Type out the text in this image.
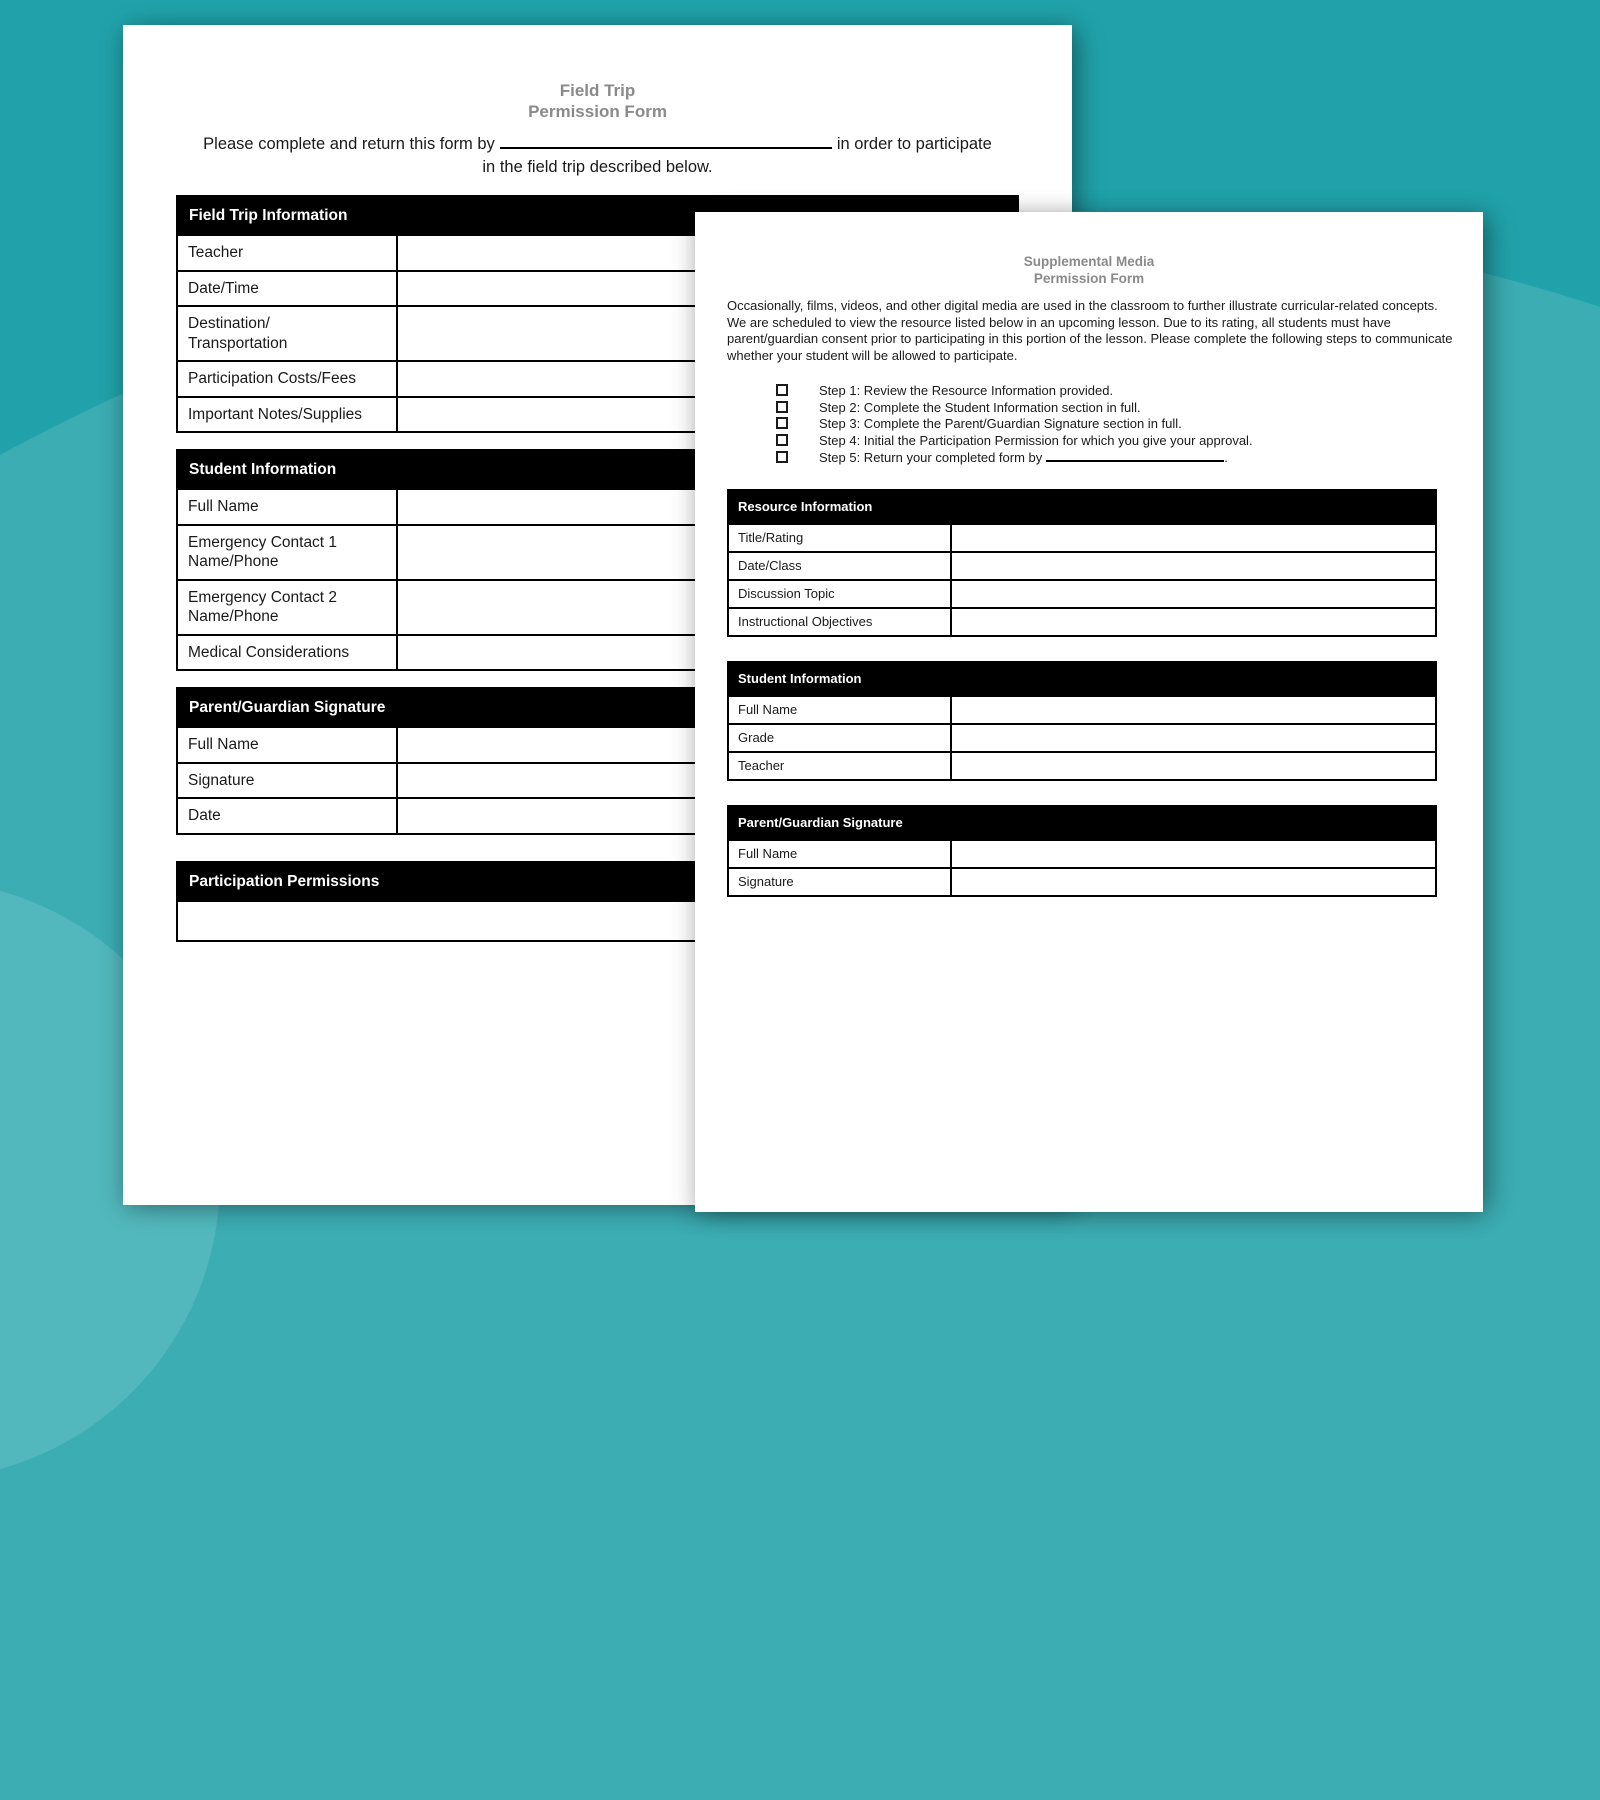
Field Trip
Permission Form
Please complete and return this form by	in order to participate
in the field trip described below.
Field Trip Information
Teacher
Date/Time
Destination/
Transportation
Participation Costs/Fees
Important Notes/Supplies
Student Information
Full Name
Emergency Contact 1
Name/Phone
Emergency Contact 2
Name/Phone
Medical Considerations
Parent/Guardian Signature
Full Name
Signature
Date
Participation Permissions
Supplemental Media
Permission Form
Occasionally, films, videos, and other digital media are used in the classroom to further illustrate curricular-related concepts. We are scheduled to view the resource listed below in an upcoming lesson. Due to its rating, all students must have parent/guardian consent prior to participating in this portion of the lesson. Please complete the following steps to communicate whether your student will be allowed to participate.
Step 1: Review the Resource Information provided.
Step 2: Complete the Student Information section in full.
Step 3: Complete the Parent/Guardian Signature section in full.
Step 4: Initial the Participation Permission for which you give your approval.
Step 5: Return your completed form by	.
Resource Information
Title/Rating
Date/Class
Discussion Topic
Instructional Objectives
Student Information
Full Name
Grade
Teacher
Parent/Guardian Signature
Full Name
Signature
